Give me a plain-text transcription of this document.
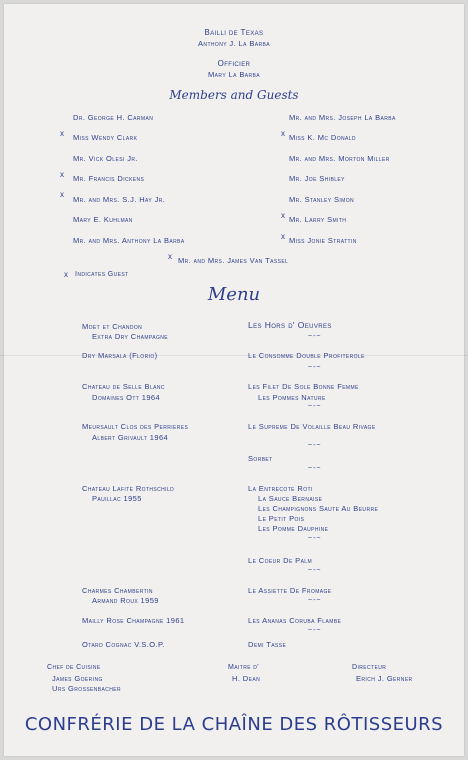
Bailli de Texas
Anthony J. La Barba
Officier
Mary La Barba
Members and Guests
Dr. George H. Carman
x Miss Wendy Clark
Mr. Vick Olesi Jr.
x Mr. Francis Dickens
x
Mr. and Mrs. S.J. Hay Jr.
Mary E. Kuhlman
Mr. and Mrs. Anthony La Barba
Mr. and Mrs. Joseph La Barba
x Miss K. Mc Donald
Mr. and Mrs. Morton Miller
Mr. Joe Shibley
Mr. Stanley Simon
x Mr. Larry Smith
x Miss Jonie Strattin
x Mr. and Mrs. James Van Tassel
x Indicates Guest
Menu
Moet et Chandon
Extra Dry Champagne
Dry Marsala (Florio)
Chateau de Selle Blanc
Domaines Ott 1964
Meursault Clos des Perrieres
Albert Grivault 1964
Chateau Lafite Rothschild
Pauillac 1955
Charmes Chambertin
Armand Roux 1959
Mailly Rose Champagne 1961
Otard Cognac V.S.O.P.
Les Hors d' Oeuvres
~-~
Le Consomme Double Profiterole
~-~
Les Filet De Sole Bonne Femme
Les Pommes Nature
~-~
Le Supreme De Volaille Beau Rivage
~-~
Sorbet
~-~
La Entrecote Roti
La Sauce Bernaise
Les Champignons Saute Au Beurre
Le Petit Pois
Les Pomme Dauphine
~-~
Le Coeur De Palm
~-~
Le Assiette De Fromage
~-~
Les Ananas Coruba Flambe
~-~
Demi Tasse
Chef de Cuisine
James Goering
Urs Grossenbacher
Maitre d'
H. Dean
Directeur
Erich J. Gerner
CONFRÉRIE DE LA CHAÎNE DES RÔTISSEURS
